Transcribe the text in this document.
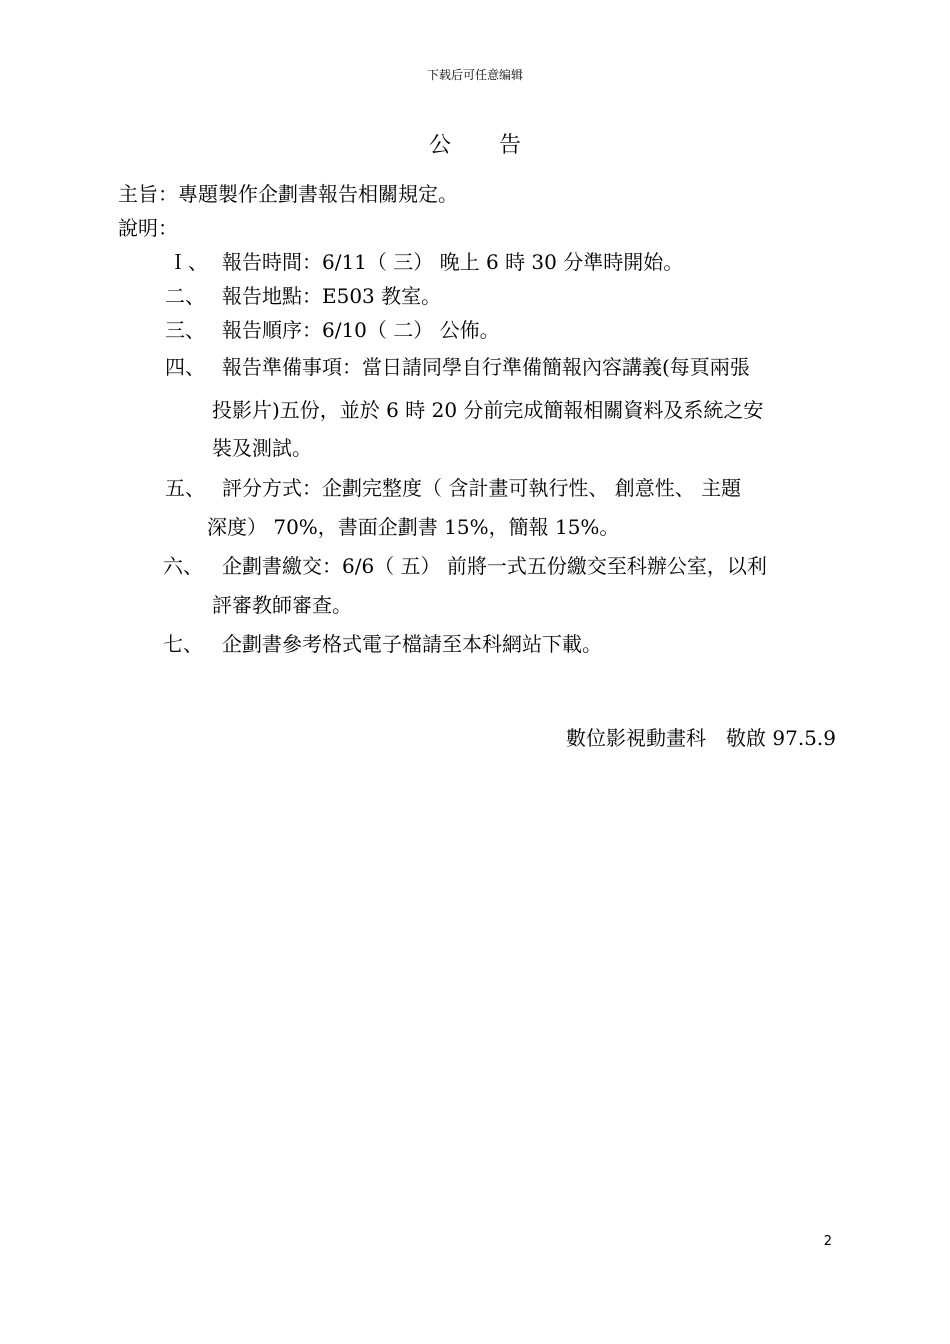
下载后可任意编辑
公告
主旨：專題製作企劃書報告相關規定。
說明：
Ｉ、 報告時間：6/11（ 三） 晚上 6 時 30 分準時開始。
二、 報告地點：E503 教室。
三、 報告順序：6/10（ 二） 公佈。
四、 報告準備事項：當日請同學自行準備簡報內容講義(每頁兩張
投影片)五份，並於 6 時 20 分前完成簡報相關資料及系統之安
裝及測試。
五、 評分方式：企劃完整度（ 含計畫可執行性、 創意性、 主題
深度） 70%，書面企劃書 15%，簡報 15%。
六、 企劃書繳交：6/6（ 五） 前將一式五份繳交至科辦公室，以利
評審教師審查。
七、 企劃書參考格式電子檔請至本科網站下載。
數位影視動畫科　敬啟 97.5.9
2
